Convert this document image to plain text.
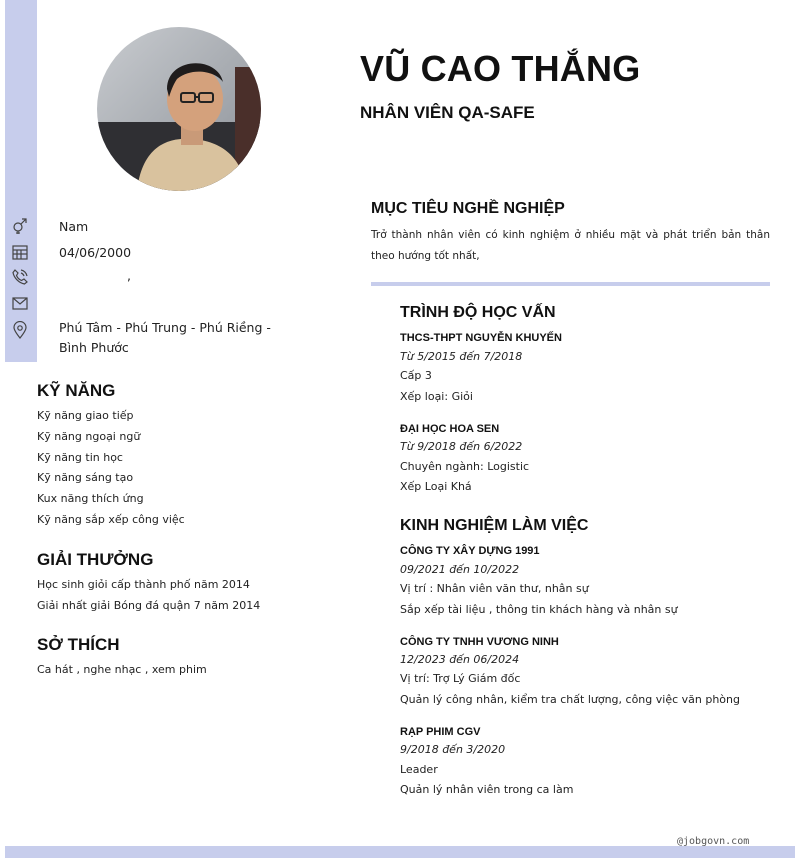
VŨ CAO THẮNG
NHÂN VIÊN QA-SAFE
Nam
04/06/2000
,
Phú Tâm - Phú Trung - Phú Riềng - Bình Phước
KỸ NĂNG
Kỹ năng giao tiếp
Kỹ năng ngoại ngữ
Kỹ năng tin học
Kỹ năng sáng tạo
Kux năng thích ứng
Kỹ năng sắp xếp công việc
GIẢI THƯỞNG
Học sinh giỏi cấp thành phố năm 2014
Giải nhất giải Bóng đá quận 7 năm 2014
SỞ THÍCH
Ca hát , nghe nhạc , xem phim
MỤC TIÊU NGHỀ NGHIỆP
Trở thành nhân viên có kinh nghiệm ở nhiều mặt và phát triển bản thân theo hướng tốt nhất,
TRÌNH ĐỘ HỌC VẤN
THCS-THPT NGUYỄN KHUYẾN
Từ 5/2015 đến 7/2018
Cấp 3
Xếp loại: Giỏi
ĐẠI HỌC HOA SEN
Từ 9/2018 đến 6/2022
Chuyên ngành: Logistic
Xếp Loại Khá
KINH NGHIỆM LÀM VIỆC
CÔNG TY XÂY DỰNG 1991
09/2021 đến 10/2022
Vị trí : Nhân viên văn thư, nhân sự
Sắp xếp tài liệu , thông tin khách hàng và nhân sự
CÔNG TY TNHH VƯƠNG NINH
12/2023 đến 06/2024
Vị trí: Trợ Lý Giám đốc
Quản lý công nhân, kiểm tra chất lượng, công việc văn phòng
RẠP PHIM CGV
9/2018 đến 3/2020
Leader
Quản lý nhân viên trong ca làm
@jobgovn.com
